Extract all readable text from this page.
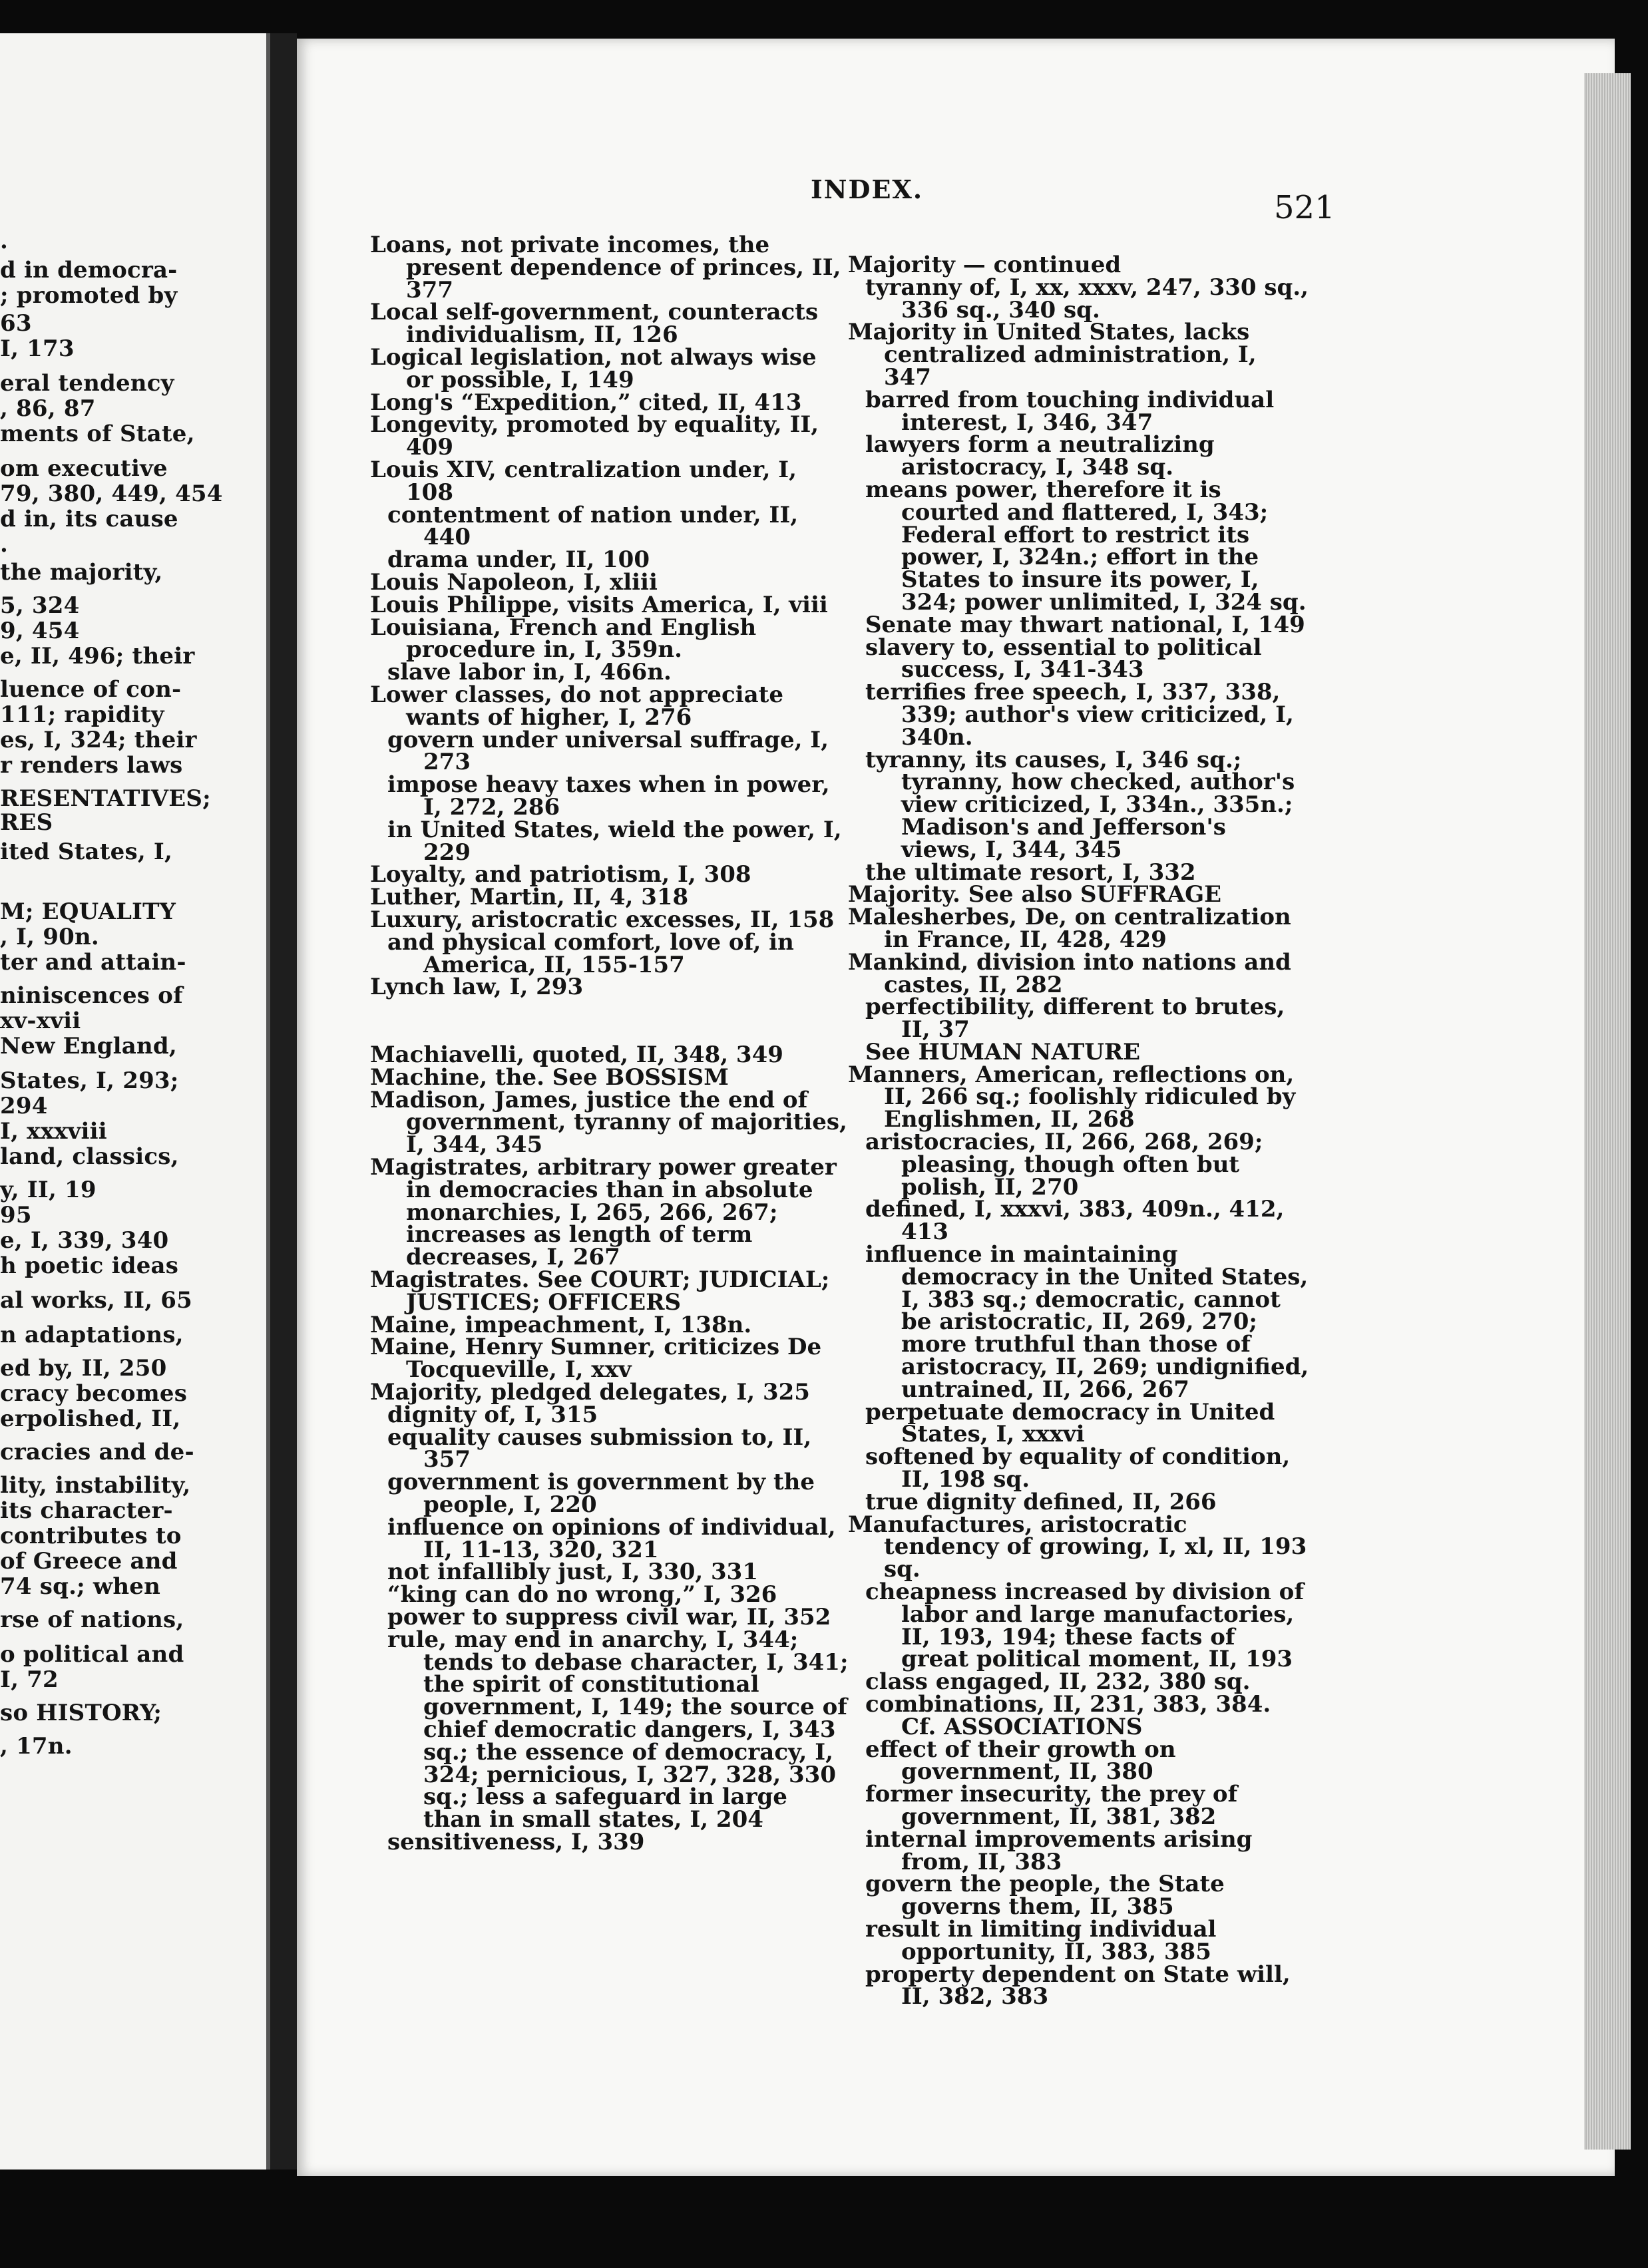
.
d in democra-
; promoted by
63
I, 173
eral tendency
, 86, 87
ments of State,
om executive
79, 380, 449, 454
d in, its cause
.
the majority,
5, 324
9, 454
e, II, 496; their
luence of con-
111; rapidity
es, I, 324; their
r renders laws
RESENTATIVES;
RES
ited States, I,
M; EQUALITY
, I, 90n.
ter and attain-
niniscences of
xv-xvii
New England,
States, I, 293;
294
I, xxxviii
land, classics,
y, II, 19
95
e, I, 339, 340
h poetic ideas
al works, II, 65
n adaptations,
ed by, II, 250
cracy becomes
erpolished, II,
cracies and de-
lity, instability,
its character-
contributes to
of Greece and
74 sq.; when
rse of nations,
o political and
I, 72
so HISTORY;
, 17n.
INDEX.	521
Loans, not private incomes, the present dependence of princes, II, 377
Local self-government, counteracts individualism, II, 126
Logical legislation, not always wise or possible, I, 149
Long's “Expedition,” cited, II, 413
Longevity, promoted by equality, II, 409
Louis XIV, centralization under, I, 108
contentment of nation under, II, 440
drama under, II, 100
Louis Napoleon, I, xliii
Louis Philippe, visits America, I, viii
Louisiana, French and English procedure in, I, 359n.
slave labor in, I, 466n.
Lower classes, do not appreciate wants of higher, I, 276
govern under universal suffrage, I, 273
impose heavy taxes when in power, I, 272, 286
in United States, wield the power, I, 229
Loyalty, and patriotism, I, 308
Luther, Martin, II, 4, 318
Luxury, aristocratic excesses, II, 158
and physical comfort, love of, in America, II, 155-157
Lynch law, I, 293
Machiavelli, quoted, II, 348, 349
Machine, the. See BOSSISM
Madison, James, justice the end of government, tyranny of majorities, I, 344, 345
Magistrates, arbitrary power greater in democracies than in absolute monarchies, I, 265, 266, 267; increases as length of term decreases, I, 267
Magistrates. See COURT; JUDICIAL; JUSTICES; OFFICERS
Maine, impeachment, I, 138n.
Maine, Henry Sumner, criticizes De Tocqueville, I, xxv
Majority, pledged delegates, I, 325
dignity of, I, 315
equality causes submission to, II, 357
government is government by the people, I, 220
influence on opinions of individual, II, 11-13, 320, 321
not infallibly just, I, 330, 331
“king can do no wrong,” I, 326
power to suppress civil war, II, 352
rule, may end in anarchy, I, 344; tends to debase character, I, 341; the spirit of constitutional government, I, 149; the source of chief democratic dangers, I, 343 sq.; the essence of democracy, I, 324; pernicious, I, 327, 328, 330 sq.; less a safeguard in large than in small states, I, 204
sensitiveness, I, 339
Majority — continued
tyranny of, I, xx, xxxv, 247, 330 sq., 336 sq., 340 sq.
Majority in United States, lacks centralized administration, I, 347
barred from touching individual interest, I, 346, 347
lawyers form a neutralizing aristocracy, I, 348 sq.
means power, therefore it is courted and flattered, I, 343; Federal effort to restrict its power, I, 324n.; effort in the States to insure its power, I, 324; power unlimited, I, 324 sq.
Senate may thwart national, I, 149
slavery to, essential to political success, I, 341-343
terrifies free speech, I, 337, 338, 339; author's view criticized, I, 340n.
tyranny, its causes, I, 346 sq.; tyranny, how checked, author's view criticized, I, 334n., 335n.; Madison's and Jefferson's views, I, 344, 345
the ultimate resort, I, 332
Majority. See also SUFFRAGE
Malesherbes, De, on centralization in France, II, 428, 429
Mankind, division into nations and castes, II, 282
perfectibility, different to brutes, II, 37
See HUMAN NATURE
Manners, American, reflections on, II, 266 sq.; foolishly ridiculed by Englishmen, II, 268
aristocracies, II, 266, 268, 269; pleasing, though often but polish, II, 270
defined, I, xxxvi, 383, 409n., 412, 413
influence in maintaining democracy in the United States, I, 383 sq.; democratic, cannot be aristocratic, II, 269, 270; more truthful than those of aristocracy, II, 269; undignified, untrained, II, 266, 267
perpetuate democracy in United States, I, xxxvi
softened by equality of condition, II, 198 sq.
true dignity defined, II, 266
Manufactures, aristocratic tendency of growing, I, xl, II, 193 sq.
cheapness increased by division of labor and large manufactories, II, 193, 194; these facts of great political moment, II, 193
class engaged, II, 232, 380 sq.
combinations, II, 231, 383, 384. Cf. ASSOCIATIONS
effect of their growth on government, II, 380
former insecurity, the prey of government, II, 381, 382
internal improvements arising from, II, 383
govern the people, the State governs them, II, 385
result in limiting individual opportunity, II, 383, 385
property dependent on State will, II, 382, 383
